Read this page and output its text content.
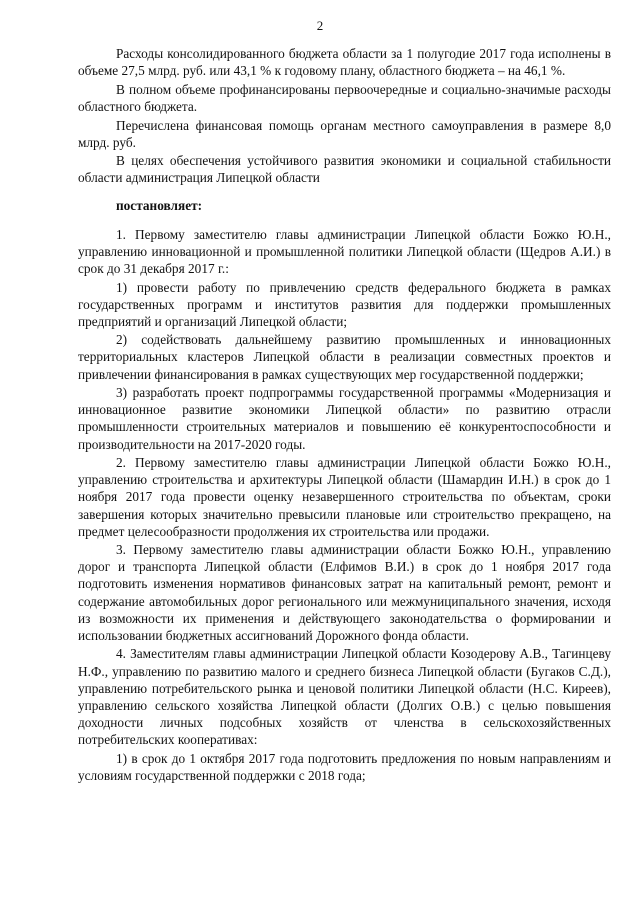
2

Расходы консолидированного бюджета области за 1 полугодие 2017 года исполнены в объеме 27,5 млрд. руб. или 43,1 % к годовому плану, областного бюджета – на 46,1 %.

В полном объеме профинансированы первоочередные и социально-значимые расходы областного бюджета.

Перечислена финансовая помощь органам местного самоуправления в размере 8,0 млрд. руб.

В целях обеспечения устойчивого развития экономики и социальной стабильности области администрация Липецкой области

постановляет:

1. Первому заместителю главы администрации Липецкой области Божко Ю.Н., управлению инновационной и промышленной политики Липецкой области (Щедров А.И.) в срок до 31 декабря 2017 г.:

1) провести работу по привлечению средств федерального бюджета в рамках государственных программ и институтов развития для поддержки промышленных предприятий и организаций Липецкой области;

2) содействовать дальнейшему развитию промышленных и инновационных территориальных кластеров Липецкой области в реализации совместных проектов и привлечении финансирования в рамках существующих мер государственной поддержки;

3) разработать проект подпрограммы государственной программы «Модернизация и инновационное развитие экономики Липецкой области» по развитию отрасли промышленности строительных материалов и повышению её конкурентоспособности и производительности на 2017-2020 годы.

2. Первому заместителю главы администрации Липецкой области Божко Ю.Н., управлению строительства и архитектуры Липецкой области (Шамардин И.Н.) в срок до 1 ноября 2017 года провести оценку незавершенного строительства по объектам, сроки завершения которых значительно превысили плановые или строительство прекращено, на предмет целесообразности продолжения их строительства или продажи.

3. Первому заместителю главы администрации области Божко Ю.Н., управлению дорог и транспорта Липецкой области (Елфимов В.И.) в срок до 1 ноября 2017 года подготовить изменения нормативов финансовых затрат на капитальный ремонт, ремонт и содержание автомобильных дорог регионального или межмуниципального значения, исходя из возможности их применения и действующего законодательства о формировании и использовании бюджетных ассигнований Дорожного фонда области.

4. Заместителям главы администрации Липецкой области Козодерову А.В., Тагинцеву Н.Ф., управлению по развитию малого и среднего бизнеса Липецкой области (Бугаков С.Д.), управлению потребительского рынка и ценовой политики Липецкой области (Н.С. Киреев), управлению сельского хозяйства Липецкой области (Долгих О.В.) с целью повышения доходности личных подсобных хозяйств от членства в сельскохозяйственных потребительских кооперативах:

1) в срок до 1 октября 2017 года подготовить предложения по новым направлениям и условиям государственной поддержки с 2018 года;
